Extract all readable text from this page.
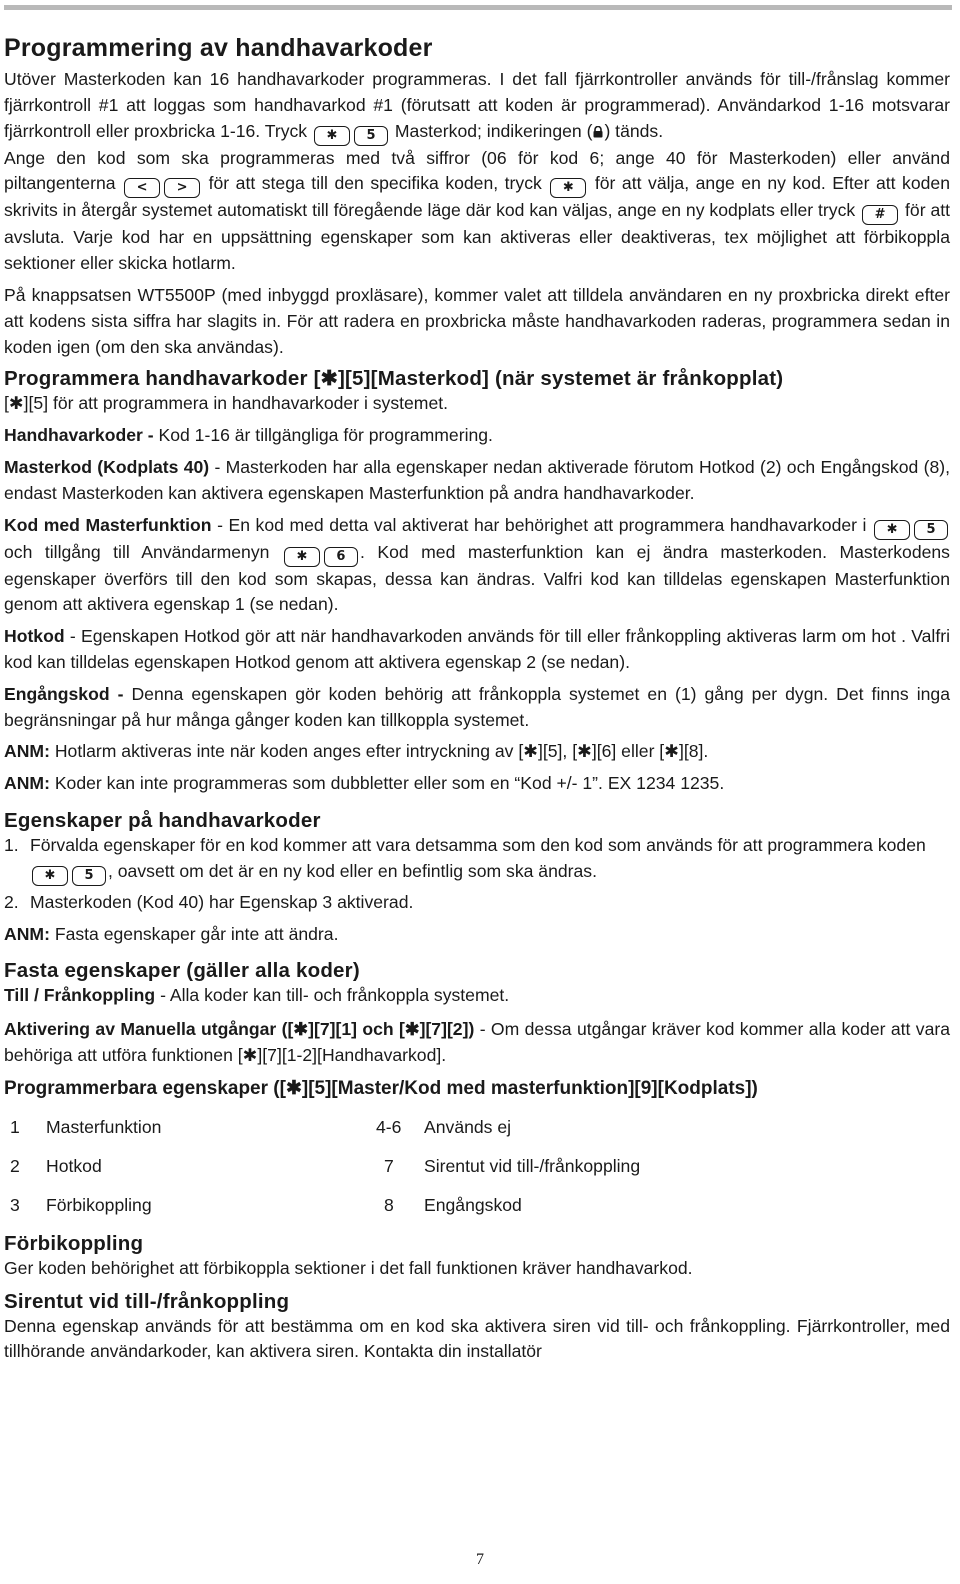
Programmering av handhavarkoder

Utöver Masterkoden kan 16 handhavarkoder programmeras. I det fall fjärrkontroller används för till-/frånslag kommer fjärrkontroll #1 att loggas som handhavarkod #1 (förutsatt att koden är programmerad). Användarkod 1-16 motsvarar fjärrkontroll eller proxbricka 1-16. Tryck ✱ 5 Masterkod; indikeringen ( ) tänds.

Ange den kod som ska programmeras med två siffror (06 för kod 6; ange 40 för Masterkoden) eller använd piltangenterna < > för att stega till den specifika koden, tryck ✱ för att välja, ange en ny kod. Efter att koden skrivits in återgår systemet automatiskt till föregående läge där kod kan väljas, ange en ny kodplats eller tryck # för att avsluta. Varje kod har en uppsättning egenskaper som kan aktiveras eller deaktiveras, tex möjlighet att förbikoppla sektioner eller skicka hotlarm.

På knappsatsen WT5500P (med inbyggd proxläsare), kommer valet att tilldela användaren en ny proxbricka direkt efter att kodens sista siffra har slagits in. För att radera en proxbricka måste handhavarkoden raderas, programmera sedan in koden igen (om den ska användas).

Programmera handhavarkoder [✱][5][Masterkod] (när systemet är frånkopplat)

[✱][5] för att programmera in handhavarkoder i systemet.

Handhavarkoder - Kod 1-16 är tillgängliga för programmering.

Masterkod (Kodplats 40) - Masterkoden har alla egenskaper nedan aktiverade förutom Hotkod (2) och Engångskod (8), endast Masterkoden kan aktivera egenskapen Masterfunktion på andra handhavarkoder.

Kod med Masterfunktion - En kod med detta val aktiverat har behörighet att programmera handhavarkoder i ✱ 5 och tillgång till Användarmenyn ✱ 6 . Kod med masterfunktion kan ej ändra masterkoden. Masterkodens egenskaper överförs till den kod som skapas, dessa kan ändras. Valfri kod kan tilldelas egenskapen Masterfunktion genom att aktivera egenskap 1 (se nedan).

Hotkod - Egenskapen Hotkod gör att när handhavarkoden används för till eller frånkoppling aktiveras larm om hot . Valfri kod kan tilldelas egenskapen Hotkod genom att aktivera egenskap 2 (se nedan).

Engångskod - Denna egenskapen gör koden behörig att frånkoppla systemet en (1) gång per dygn. Det finns inga begränsningar på hur många gånger koden kan tillkoppla systemet.

ANM: Hotlarm aktiveras inte när koden anges efter intryckning av [✱][5], [✱][6] eller [✱][8].

ANM: Koder kan inte programmeras som dubbletter eller som en “Kod +/- 1”. EX 1234 1235.

Egenskaper på handhavarkoder
1. Förvalda egenskaper för en kod kommer att vara detsamma som den kod som används för att programmera koden ✱ 5 , oavsett om det är en ny kod eller en befintlig som ska ändras.
2. Masterkoden (Kod 40) har Egenskap 3 aktiverad.

ANM: Fasta egenskaper går inte att ändra.

Fasta egenskaper (gäller alla koder)

Till / Frånkoppling - Alla koder kan till- och frånkoppla systemet.

Aktivering av Manuella utgångar ([✱][7][1] och [✱][7][2]) - Om dessa utgångar kräver kod kommer alla koder att vara behöriga att utföra funktionen [✱][7][1-2][Handhavarkod].

Programmerbara egenskaper ([✱][5][Master/Kod med masterfunktion][9][Kodplats])
1 Masterfunktion	4-6 Används ej
2 Hotkod	7 Sirentut vid till-/frånkoppling
3 Förbikoppling	8 Engångskod
Förbikoppling

Ger koden behörighet att förbikoppla sektioner i det fall funktionen kräver handhavarkod.

Sirentut vid till-/frånkoppling

Denna egenskap används för att bestämma om en kod ska aktivera siren vid till- och frånkoppling. Fjärrkontroller, med tillhörande användarkoder, kan aktivera siren. Kontakta din installatör

7
